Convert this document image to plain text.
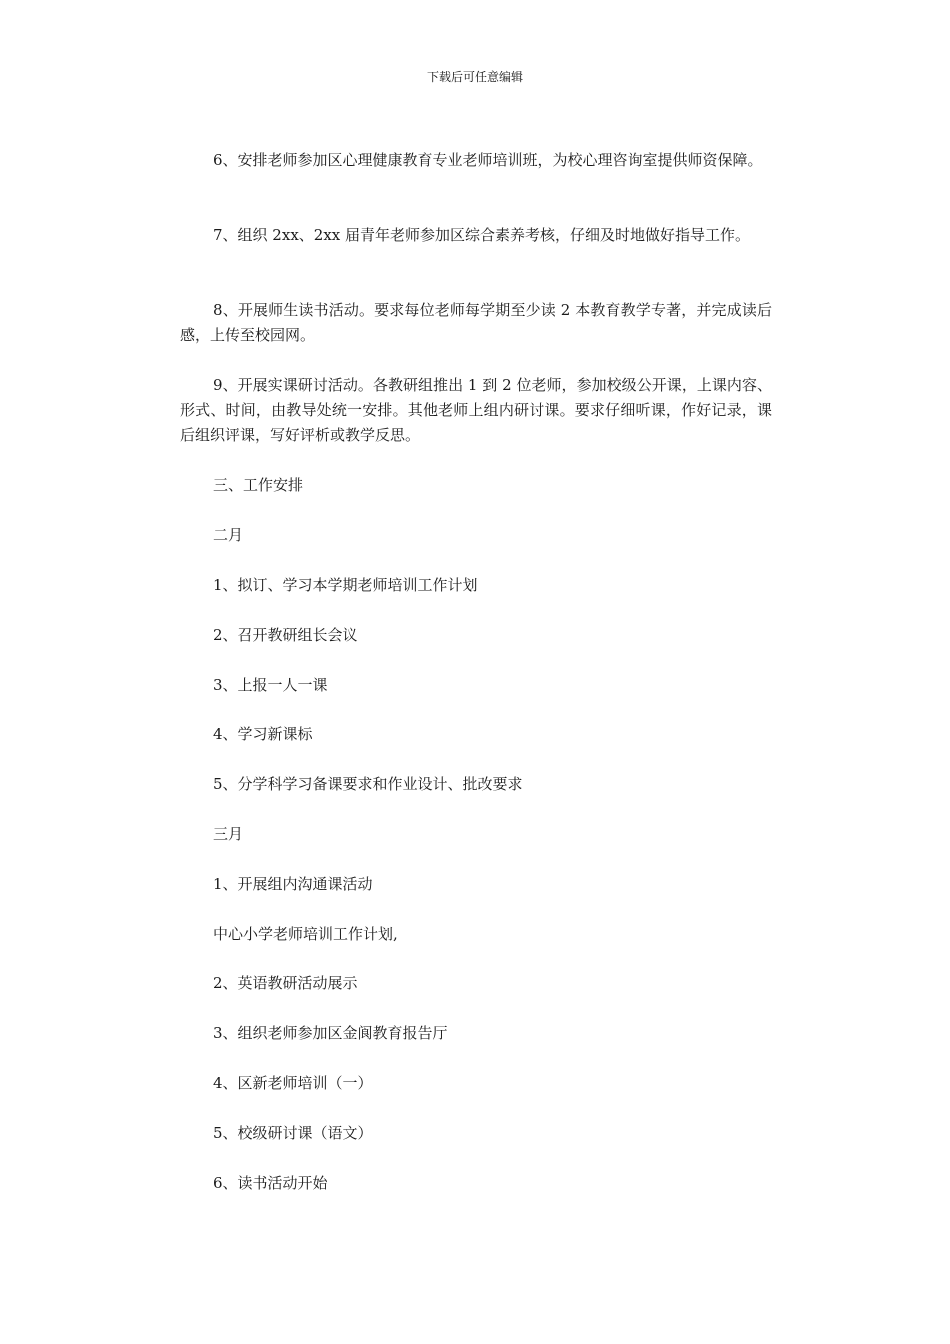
下载后可任意编辑

6、安排老师参加区心理健康教育专业老师培训班，为校心理咨询室提供师资保障。

7、组织 2xx、2xx 届青年老师参加区综合素养考核，仔细及时地做好指导工作。

8、开展师生读书活动。要求每位老师每学期至少读 2 本教育教学专著，并完成读后感，上传至校园网。

9、开展实课研讨活动。各教研组推出 1 到 2 位老师，参加校级公开课，上课内容、形式、时间，由教导处统一安排。其他老师上组内研讨课。要求仔细听课，作好记录，课后组织评课，写好评析或教学反思。

三、工作安排

二月

1、拟订、学习本学期老师培训工作计划

2、召开教研组长会议

3、上报一人一课

4、学习新课标

5、分学科学习备课要求和作业设计、批改要求

三月

1、开展组内沟通课活动

中心小学老师培训工作计划,

2、英语教研活动展示

3、组织老师参加区金阆教育报告厅

4、区新老师培训（一）

5、校级研讨课（语文）

6、读书活动开始
